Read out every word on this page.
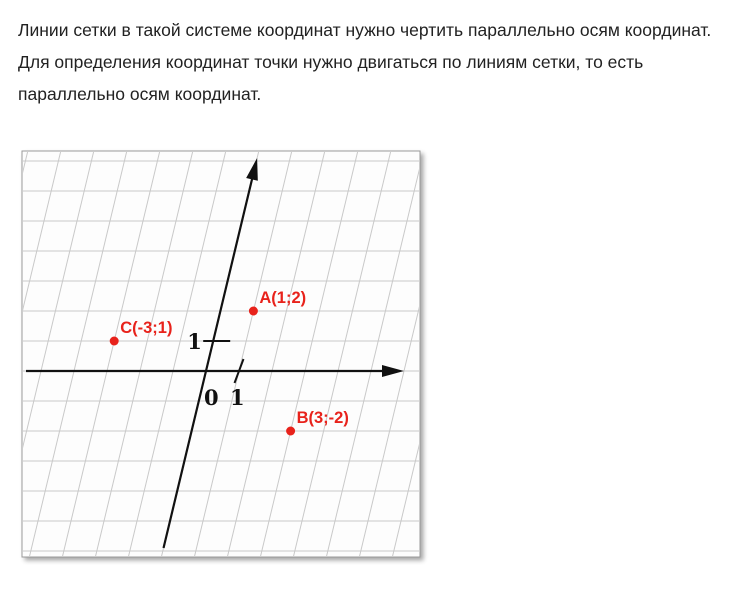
Линии сетки в такой системе координат нужно чертить параллельно осям координат.

Для определения координат точки нужно двигаться по линиям сетки, то есть параллельно осям координат.

0 1
1
A(1;2)
C(-3;1)
B(3;-2)
